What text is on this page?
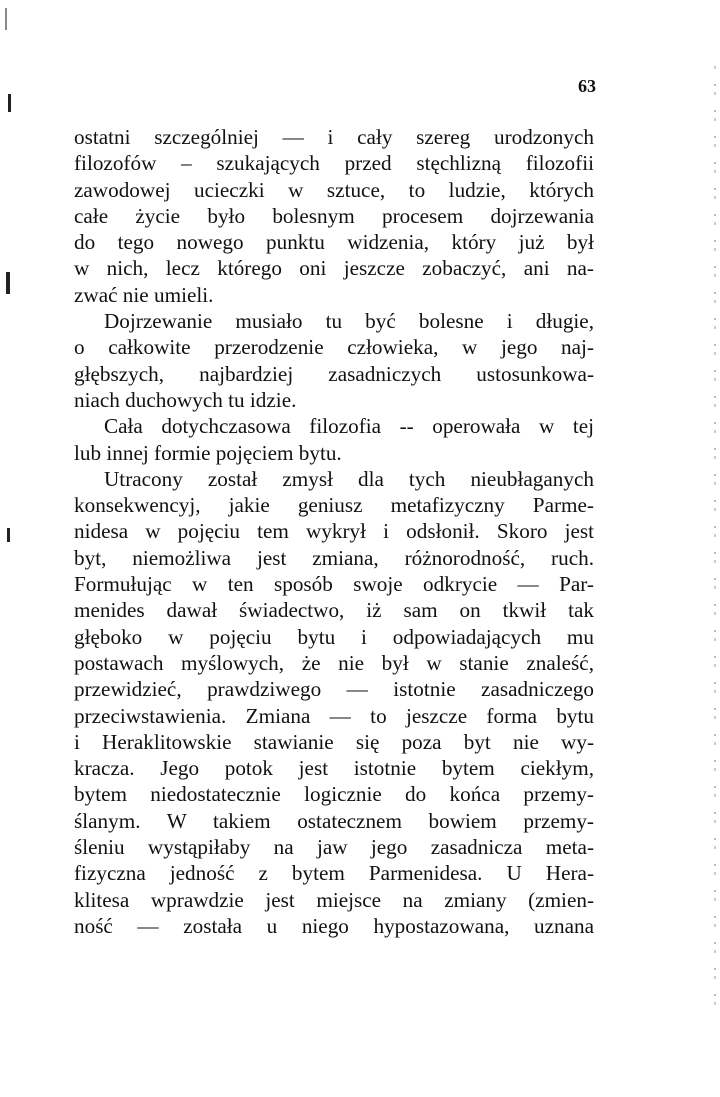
63
ostatni szczególniej — i cały szereg urodzonych
filozofów – szukających przed stęchlizną filozofii
zawodowej ucieczki w sztuce, to ludzie, których
całe życie było bolesnym procesem dojrzewania
do tego nowego punktu widzenia, który już był
w nich, lecz którego oni jeszcze zobaczyć, ani na-
zwać nie umieli.
Dojrzewanie musiało tu być bolesne i długie,
o całkowite przerodzenie człowieka, w jego naj-
głębszych, najbardziej zasadniczych ustosunkowa-
niach duchowych tu idzie.
Cała dotychczasowa filozofia -- operowała w tej
lub innej formie pojęciem bytu.
Utracony został zmysł dla tych nieubłaganych
konsekwencyj, jakie geniusz metafizyczny Parme-
nidesa w pojęciu tem wykrył i odsłonił. Skoro jest
byt, niemożliwa jest zmiana, różnorodność, ruch.
Formułując w ten sposób swoje odkrycie — Par-
menides dawał świadectwo, iż sam on tkwił tak
głęboko w pojęciu bytu i odpowiadających mu
postawach myślowych, że nie był w stanie znaleść,
przewidzieć, prawdziwego — istotnie zasadniczego
przeciwstawienia. Zmiana — to jeszcze forma bytu
i Heraklitowskie stawianie się poza byt nie wy-
kracza. Jego potok jest istotnie bytem ciekłym,
bytem niedostatecznie logicznie do końca przemy-
ślanym. W takiem ostatecznem bowiem przemy-
śleniu wystąpiłaby na jaw jego zasadnicza meta-
fizyczna jedność z bytem Parmenidesa. U Hera-
klitesa wprawdzie jest miejsce na zmiany (zmien-
ność — została u niego hypostazowana, uznana
